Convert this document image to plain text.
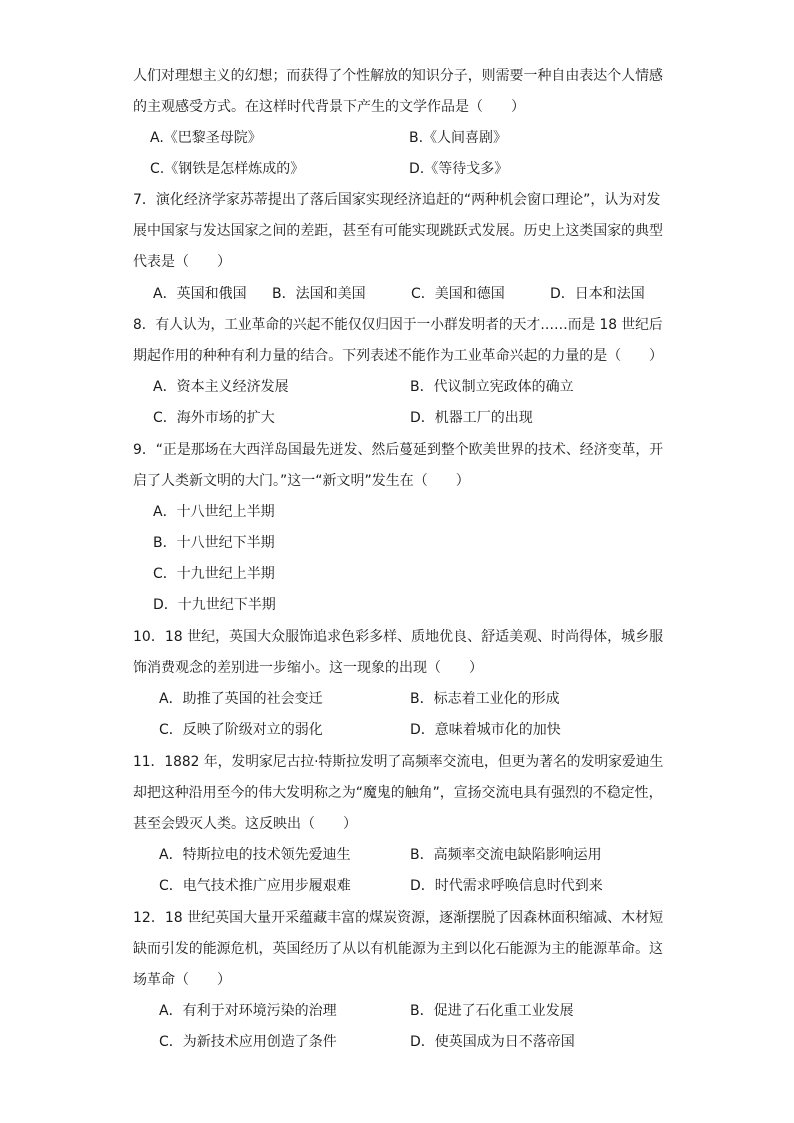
人们对理想主义的幻想；而获得了个性解放的知识分子，则需要一种自由表达个人情感
的主观感受方式。在这样时代背景下产生的文学作品是（　　）
A.《巴黎圣母院》	B.《人间喜剧》
C.《钢铁是怎样炼成的》	D.《等待戈多》
7．演化经济学家苏蒂提出了落后国家实现经济追赶的“两种机会窗口理论”，认为对发
展中国家与发达国家之间的差距，甚至有可能实现跳跃式发展。历史上这类国家的典型
代表是（　　）
A．英国和俄国 B．法国和美国	C．美国和德国	D．日本和法国
8．有人认为，工业革命的兴起不能仅仅归因于一小群发明者的天才……而是 18 世纪后
期起作用的种种有利力量的结合。下列表述不能作为工业革命兴起的力量的是（　　）
A．资本主义经济发展	B．代议制立宪政体的确立
C．海外市场的扩大	D．机器工厂的出现
9．“正是那场在大西洋岛国最先迸发、然后蔓延到整个欧美世界的技术、经济变革，开
启了人类新文明的大门。”这一“新文明”发生在（　　）
A．十八世纪上半期
B．十八世纪下半期
C．十九世纪上半期
D．十九世纪下半期
10．18 世纪，英国大众服饰追求色彩多样、质地优良、舒适美观、时尚得体，城乡服
饰消费观念的差别进一步缩小。这一现象的出现（　　）
A．助推了英国的社会变迁	B．标志着工业化的形成
C．反映了阶级对立的弱化	D．意味着城市化的加快
11．1882 年，发明家尼古拉·特斯拉发明了高频率交流电，但更为著名的发明家爱迪生
却把这种沿用至今的伟大发明称之为“魔鬼的触角”，宣扬交流电具有强烈的不稳定性，
甚至会毁灭人类。这反映出（　　）
A．特斯拉电的技术领先爱迪生	B．高频率交流电缺陷影响运用
C．电气技术推广应用步履艰难	D．时代需求呼唤信息时代到来
12．18 世纪英国大量开采蕴藏丰富的煤炭资源，逐渐摆脱了因森林面积缩减、木材短
缺而引发的能源危机，英国经历了从以有机能源为主到以化石能源为主的能源革命。这
场革命（　　）
A．有利于对环境污染的治理	B．促进了石化重工业发展
C．为新技术应用创造了条件	D．使英国成为日不落帝国
